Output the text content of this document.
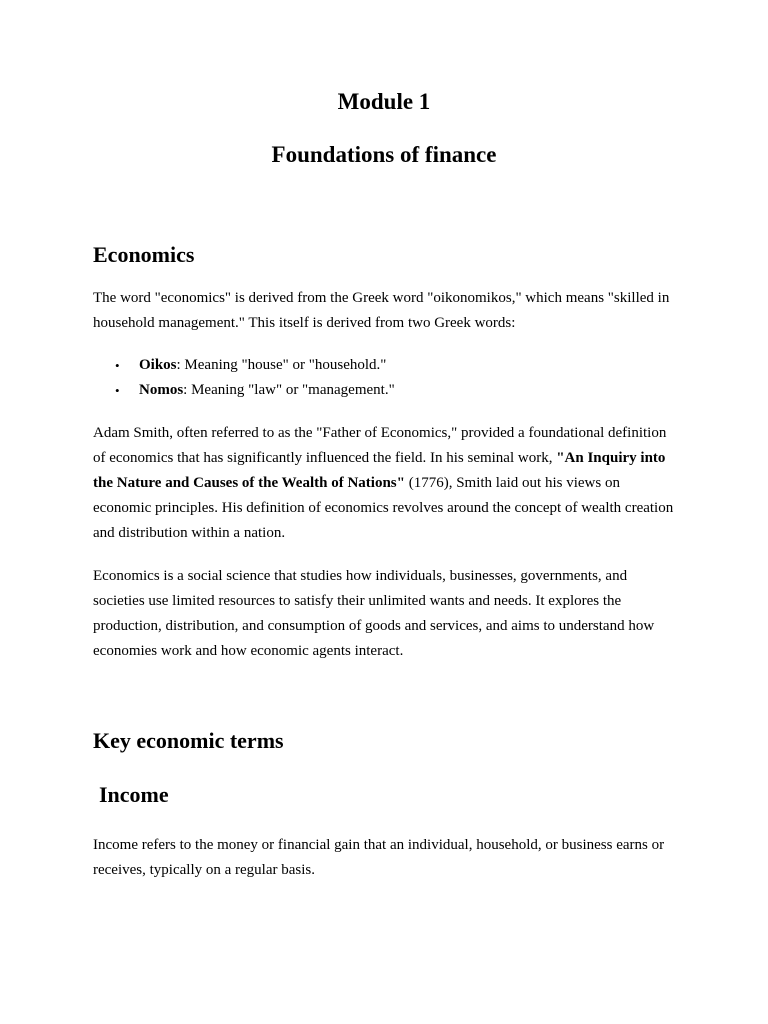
Module 1
Foundations of finance
Economics

The word "economics" is derived from the Greek word "oikonomikos," which means "skilled in household management." This itself is derived from two Greek words:

• Oikos: Meaning "house" or "household."
• Nomos: Meaning "law" or "management."

Adam Smith, often referred to as the "Father of Economics," provided a foundational definition of economics that has significantly influenced the field. In his seminal work, "An Inquiry into the Nature and Causes of the Wealth of Nations" (1776), Smith laid out his views on economic principles. His definition of economics revolves around the concept of wealth creation and distribution within a nation.

Economics is a social science that studies how individuals, businesses, governments, and societies use limited resources to satisfy their unlimited wants and needs. It explores the production, distribution, and consumption of goods and services, and aims to understand how economies work and how economic agents interact.

Key economic terms
Income

Income refers to the money or financial gain that an individual, household, or business earns or receives, typically on a regular basis.
